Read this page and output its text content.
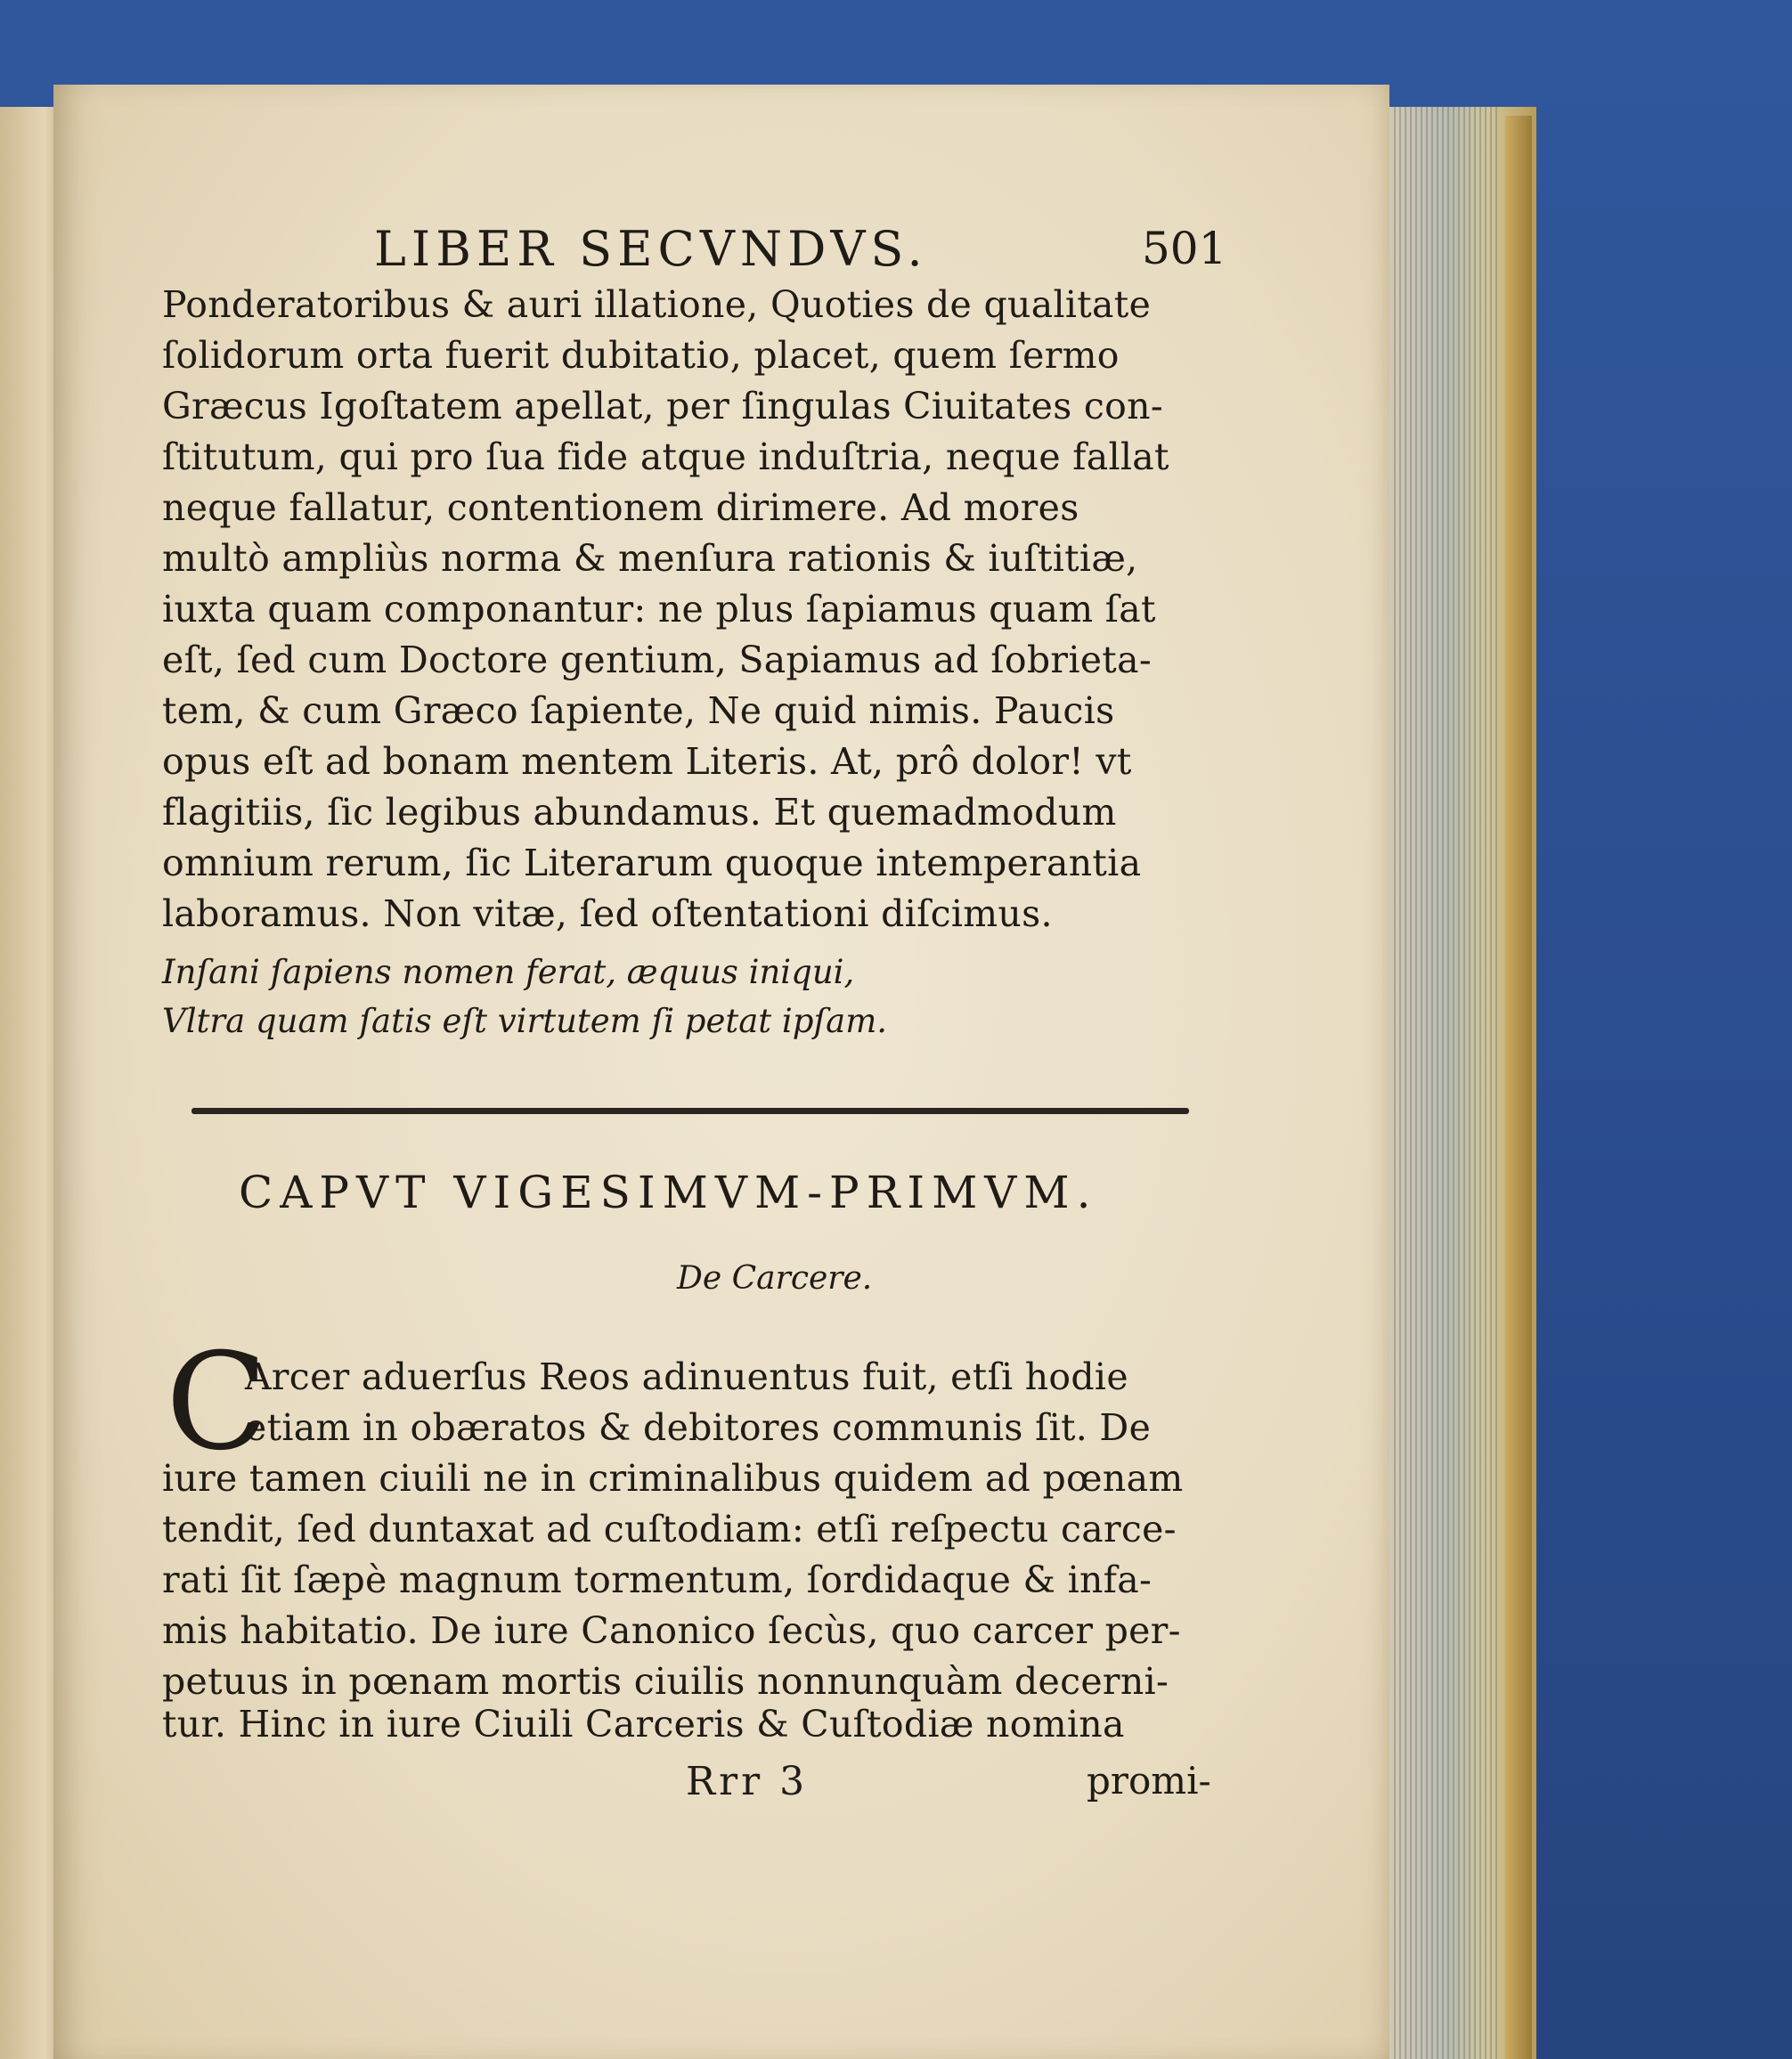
LIBER SECVNDVS.	501
Ponderatoribus & auri illatione, Quoties de qualitate
ſolidorum orta fuerit dubitatio, placet, quem ſermo
Græcus Igoſtatem apellat, per ſingulas Ciuitates con-
ſtitutum, qui pro ſua fide atque induſtria, neque fallat
neque fallatur, contentionem dirimere. Ad mores
multò ampliùs norma & menſura rationis & iuſtitiæ,
iuxta quam componantur: ne plus ſapiamus quam ſat
eſt, ſed cum Doctore gentium, Sapiamus ad ſobrieta-
tem, & cum Græco ſapiente, Ne quid nimis. Paucis
opus eſt ad bonam mentem Literis. At, prô dolor! vt
flagitiis, ſic legibus abundamus. Et quemadmodum
omnium rerum, ſic Literarum quoque intemperantia
laboramus. Non vitæ, ſed oſtentationi diſcimus.
Inſani ſapiens nomen ferat, æquus iniqui,
Vltra quam ſatis eſt virtutem ſi petat ipſam.
CAPVT VIGESIMVM-PRIMVM.
De Carcere.
C
Arcer aduerſus Reos adinuentus fuit, etſi hodie
etiam in obæratos & debitores communis ſit. De
iure tamen ciuili ne in criminalibus quidem ad pœnam
tendit, ſed duntaxat ad cuſtodiam: etſi reſpectu carce-
rati ſit ſæpè magnum tormentum, ſordidaque & infa-
mis habitatio. De iure Canonico ſecùs, quo carcer per-
petuus in pœnam mortis ciuilis nonnunquàm decerni-
tur. Hinc in iure Ciuili Carceris & Cuſtodiæ nomina
Rrr 3	promi-
